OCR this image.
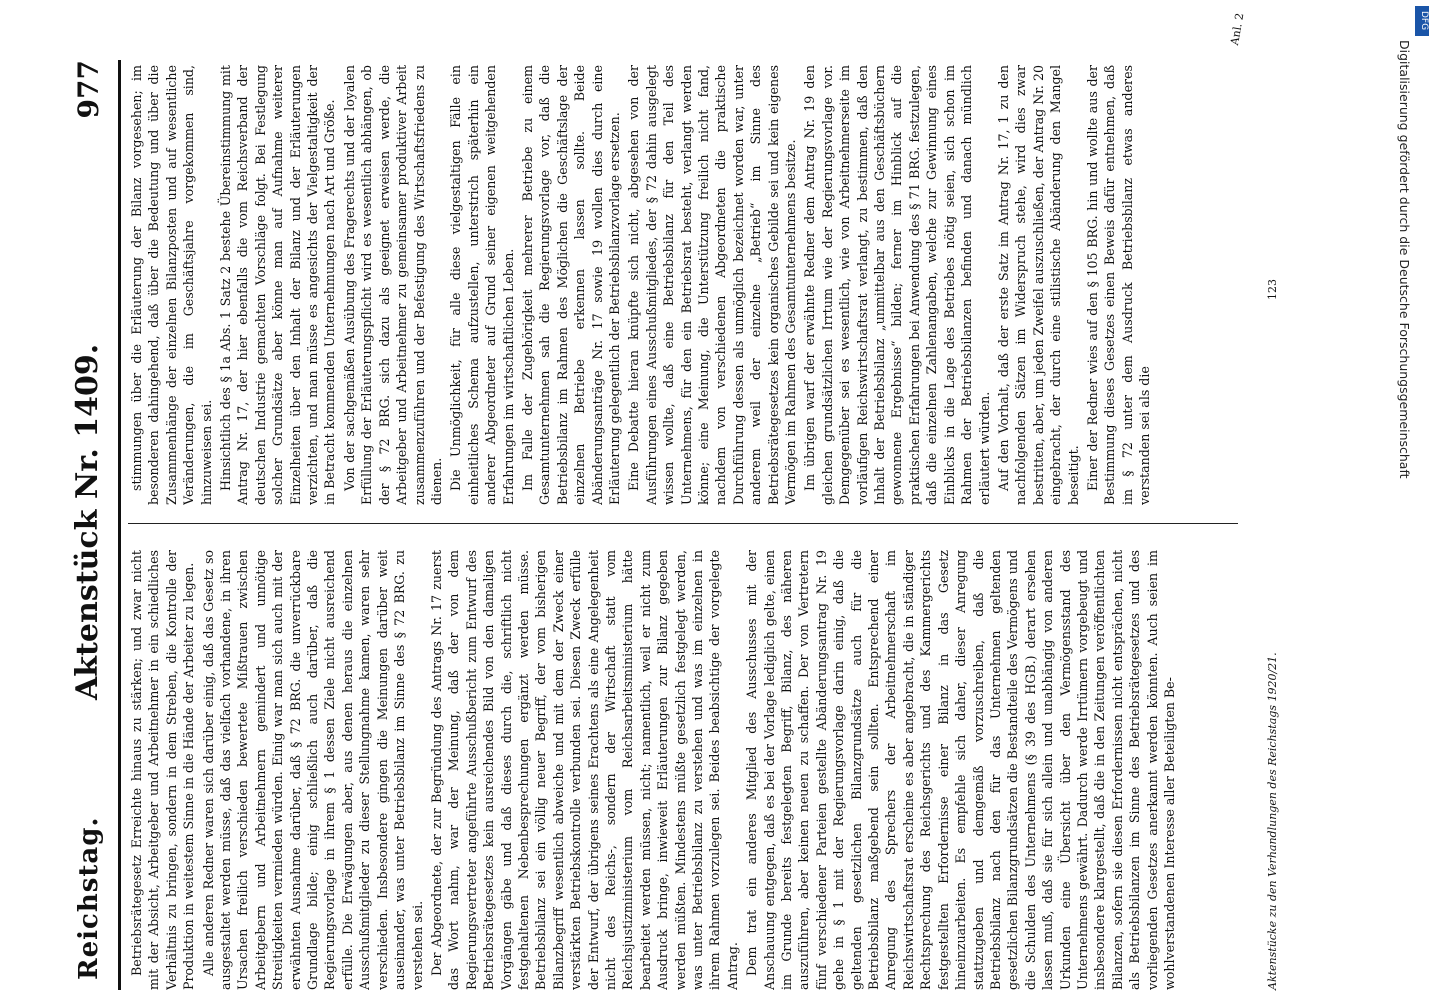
Reichstag.
Aktenstück Nr. 1409.
977

Betriebsrätegesetz Erreichte hinaus zu stärken; und zwar nicht mit der Absicht, Arbeitgeber und Arbeitnehmer in ein schiedliches Verhältnis zu bringen, sondern in dem Streben, die Kontrolle der Produktion in weitestem Sinne in die Hände der Arbeiter zu legen. Alle anderen Redner waren sich darüber einig, daß das Gesetz so ausgestaltet werden müsse, daß das vielfach vorhandene, in ihren Ursachen freilich verschieden bewertete Mißtrauen zwischen Arbeitgebern und Arbeitnehmern gemindert und unnötige Streitigkeiten vermieden würden. Einig war man sich auch mit der erwähnten Ausnahme darüber, daß § 72 BRG. die unverrückbare Grundlage bilde; einig schließlich auch darüber, daß die Regierungsvorlage in ihrem § 1 dessen Ziele nicht ausreichend erfülle. Die Erwägungen aber, aus denen heraus die einzelnen Ausschußmitglieder zu dieser Stellungnahme kamen, waren sehr verschieden. Insbesondere gingen die Meinungen darüber weit auseinander, was unter Betriebsbilanz im Sinne des § 72 BRG. zu verstehen sei. Der Abgeordnete, der zur Begründung des Antrags Nr. 17 zuerst das Wort nahm, war der Meinung, daß der von dem Regierungsvertreter angeführte Ausschußbericht zum Entwurf des Betriebsrätegesetzes kein ausreichendes Bild von den damaligen Vorgängen gäbe und daß dieses durch die, schriftlich nicht festgehaltenen Nebenbesprechungen ergänzt werden müsse. Betriebsbilanz sei ein völlig neuer Begriff, der vom bisherigen Bilanzbegriff wesentlich abweiche und mit dem der Zweck einer verstärkten Betriebskontrolle verbunden sei. Diesen Zweck erfülle der Entwurf, der übrigens seines Erachtens als eine Angelegenheit nicht des Reichs-, sondern der Wirtschaft statt vom Reichsjustizministerium vom Reichsarbeitsministerium hätte bearbeitet werden müssen, nicht; namentlich, weil er nicht zum Ausdruck bringe, inwieweit Erläuterungen zur Bilanz gegeben werden müßten. Mindestens müßte gesetzlich festgelegt werden, was unter Betriebsbilanz zu verstehen und was im einzelnen in ihrem Rahmen vorzulegen sei. Beides beabsichtige der vorgelegte Antrag. Dem trat ein anderes Mitglied des Ausschusses mit der Anschauung entgegen, daß es bei der Vorlage lediglich gelte, einen im Grunde bereits festgelegten Begriff, Bilanz, des näheren auszuführen, aber keinen neuen zu schaffen. Der von Vertretern fünf verschiedener Parteien gestellte Abänderungsantrag Nr. 19 gehe in § 1 mit der Regierungsvorlage darin einig, daß die geltenden gesetzlichen Bilanzgrundsätze auch für die Betriebsbilanz maßgebend sein sollten. Entsprechend einer Anregung des Sprechers der Arbeitnehmerschaft im Reichswirtschaftsrat erscheine es aber angebracht, die in ständiger Rechtsprechung des Reichsgerichts und des Kammergerichts festgestellten Erfordernisse einer Bilanz in das Gesetz hineinzuarbeiten. Es empfehle sich daher, dieser Anregung stattzugeben und demgemäß vorzuschreiben, daß die Betriebsbilanz nach den für das Unternehmen geltenden gesetzlichen Bilanzgrundsätzen die Bestandteile des Vermögens und die Schulden des Unternehmens (§ 39 des HGB.) derart ersehen lassen muß, daß sie für sich allein und unabhängig von anderen Urkunden eine Übersicht über den Vermögensstand des Unternehmens gewährt. Dadurch werde Irrtümern vorgebeugt und insbesondere klargestellt, daß die in den Zeitungen veröffentlichten Bilanzen, sofern sie diesen Erfordernissen nicht entsprächen, nicht als Betriebsbilanzen im Sinne des Betriebsrätegesetzes und des vorliegenden Gesetzes anerkannt werden könnten. Auch seien im wohlverstandenen Interesse aller Beteiligten Be-

stimmungen über die Erläuterung der Bilanz vorgesehen; im besonderen dahingehend, daß über die Bedeutung und über die Zusammenhänge der einzelnen Bilanzposten und auf wesentliche Veränderungen, die im Geschäftsjahre vorgekommen sind, hinzuweisen sei. Hinsichtlich des § 1a Abs. 1 Satz 2 bestehe Übereinstimmung mit Antrag Nr. 17, der hier ebenfalls die vom Reichsverband der deutschen Industrie gemachten Vorschläge folgt. Bei Festlegung solcher Grundsätze aber könne man auf Aufnahme weiterer Einzelheiten über den Inhalt der Bilanz und der Erläuterungen verzichten, und man müsse es angesichts der Vielgestaltigkeit der in Betracht kommenden Unternehmungen nach Art und Größe. Von der sachgemäßen Ausübung des Fragerechts und der loyalen Erfüllung der Erläuterungspflicht wird es wesentlich abhängen, ob der § 72 BRG. sich dazu als geeignet erweisen werde, die Arbeitgeber und Arbeitnehmer zu gemeinsamer produktiver Arbeit zusammenzuführen und der Befestigung des Wirtschaftsfriedens zu dienen. Die Unmöglichkeit, für alle diese vielgestaltigen Fälle ein einheitliches Schema aufzustellen, unterstrich späterhin ein anderer Abgeordneter auf Grund seiner eigenen weitgehenden Erfahrungen im wirtschaftlichen Leben. Im Falle der Zugehörigkeit mehrerer Betriebe zu einem Gesamtunternehmen sah die Regierungsvorlage vor, daß die Betriebsbilanz im Rahmen des Möglichen die Geschäftslage der einzelnen Betriebe erkennen lassen sollte. Beide Abänderungsanträge Nr. 17 sowie 19 wollen dies durch eine Erläuterung gelegentlich der Betriebsbilanzvorlage ersetzen. Eine Debatte hieran knüpfte sich nicht, abgesehen von der Ausführungen eines Ausschußmitgliedes, der § 72 dahin ausgelegt wissen wollte, daß eine Betriebsbilanz für den Teil des Unternehmens, für den ein Betriebsrat besteht, verlangt werden könne; eine Meinung, die Unterstützung freilich nicht fand, nachdem von verschiedenen Abgeordneten die praktische Durchführung dessen als unmöglich bezeichnet worden war, unter anderem weil der einzelne „Betrieb“ im Sinne des Betriebsrätegesetzes kein organisches Gebilde sei und kein eigenes Vermögen im Rahmen des Gesamtunternehmens besitze. Im übrigen warf der erwähnte Redner dem Antrag Nr. 19 den gleichen grundsätzlichen Irrtum wie der Regierungsvorlage vor. Demgegenüber sei es wesentlich, wie von Arbeitnehmerseite im vorläufigen Reichswirtschaftsrat verlangt, zu bestimmen, daß den Inhalt der Betriebsbilanz „unmittelbar aus den Geschäftsbüchern gewonnene Ergebnisse“ bilden; ferner im Hinblick auf die praktischen Erfahrungen bei Anwendung des § 71 BRG. festzulegen, daß die einzelnen Zahlenangaben, welche zur Gewinnung eines Einblicks in die Lage des Betriebes nötig seien, sich schon im Rahmen der Betriebsbilanzen befinden und danach mündlich erläutert würden. Auf den Vorhalt, daß der erste Satz im Antrag Nr. 17, 1 zu den nachfolgenden Sätzen im Widerspruch stehe, wird dies zwar bestritten, aber, um jeden Zweifel auszuschließen, der Antrag Nr. 20 eingebracht, der durch eine stilistische Abänderung den Mangel beseitigt. Einer der Redner wies auf den § 105 BRG. hin und wollte aus der Bestimmung dieses Gesetzes einen Beweis dafür entnehmen, daß im § 72 unter dem Ausdruck Betriebsbilanz etwas anderes verstanden sei als die

Aktenstücke zu den Verhandlungen des Reichstags 1920/21.
123
Anl. 2
Digitalisierung gefördert durch die Deutsche Forschungsgemeinschaft
DFG
